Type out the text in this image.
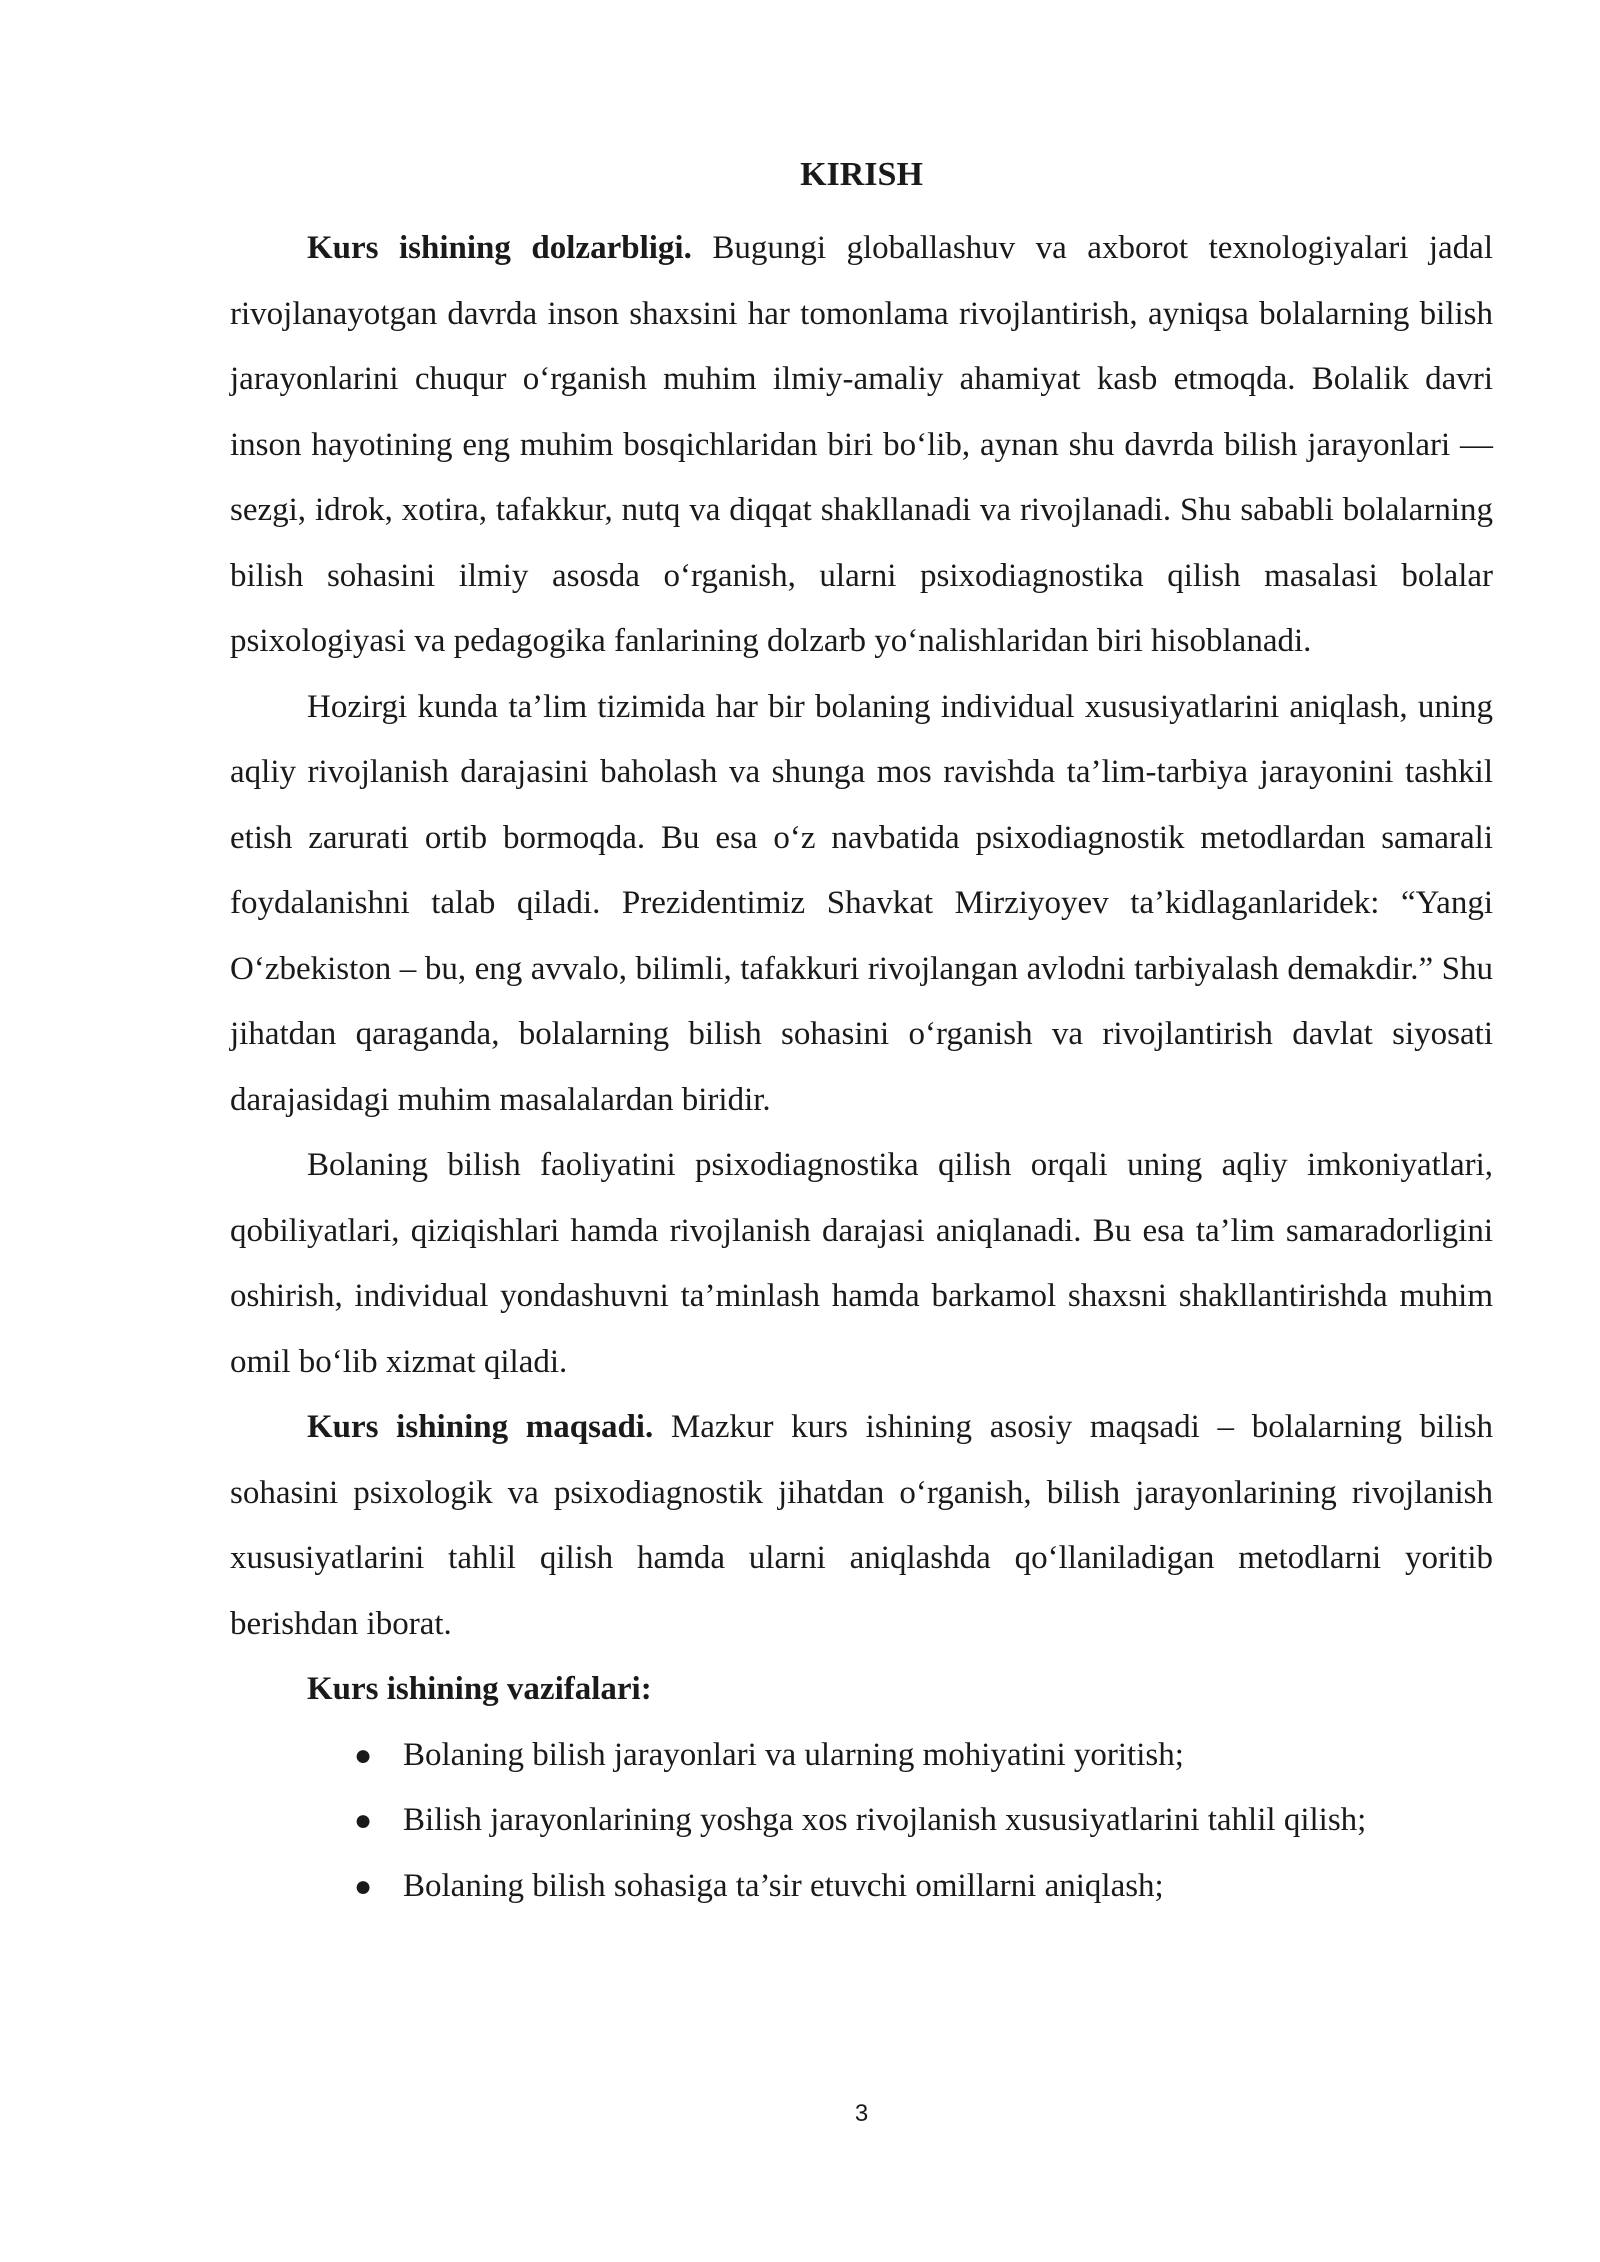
KIRISH

Kurs ishining dolzarbligi. Bugungi globallashuv va axborot texnologiyalari jadal rivojlanayotgan davrda inson shaxsini har tomonlama rivojlantirish, ayniqsa bolalarning bilish jarayonlarini chuqur oʻrganish muhim ilmiy-amaliy ahamiyat kasb etmoqda. Bolalik davri inson hayotining eng muhim bosqichlaridan biri boʻlib, aynan shu davrda bilish jarayonlari — sezgi, idrok, xotira, tafakkur, nutq va diqqat shakllanadi va rivojlanadi. Shu sababli bolalarning bilish sohasini ilmiy asosda oʻrganish, ularni psixodiagnostika qilish masalasi bolalar psixologiyasi va pedagogika fanlarining dolzarb yoʻnalishlaridan biri hisoblanadi.

Hozirgi kunda ta’lim tizimida har bir bolaning individual xususiyatlarini aniqlash, uning aqliy rivojlanish darajasini baholash va shunga mos ravishda ta’lim-tarbiya jarayonini tashkil etish zarurati ortib bormoqda. Bu esa oʻz navbatida psixodiagnostik metodlardan samarali foydalanishni talab qiladi. Prezidentimiz Shavkat Mirziyoyev ta’kidlaganlaridek: “Yangi Oʻzbekiston – bu, eng avvalo, bilimli, tafakkuri rivojlangan avlodni tarbiyalash demakdir.” Shu jihatdan qaraganda, bolalarning bilish sohasini oʻrganish va rivojlantirish davlat siyosati darajasidagi muhim masalalardan biridir.

Bolaning bilish faoliyatini psixodiagnostika qilish orqali uning aqliy imkoniyatlari, qobiliyatlari, qiziqishlari hamda rivojlanish darajasi aniqlanadi. Bu esa ta’lim samaradorligini oshirish, individual yondashuvni ta’minlash hamda barkamol shaxsni shakllantirishda muhim omil boʻlib xizmat qiladi.

Kurs ishining maqsadi. Mazkur kurs ishining asosiy maqsadi – bolalarning bilish sohasini psixologik va psixodiagnostik jihatdan oʻrganish, bilish jarayonlarining rivojlanish xususiyatlarini tahlil qilish hamda ularni aniqlashda qoʻllaniladigan metodlarni yoritib berishdan iborat.

Kurs ishining vazifalari:

● Bolaning bilish jarayonlari va ularning mohiyatini yoritish;
● Bilish jarayonlarining yoshga xos rivojlanish xususiyatlarini tahlil qilish;
● Bolaning bilish sohasiga ta’sir etuvchi omillarni aniqlash;
3
